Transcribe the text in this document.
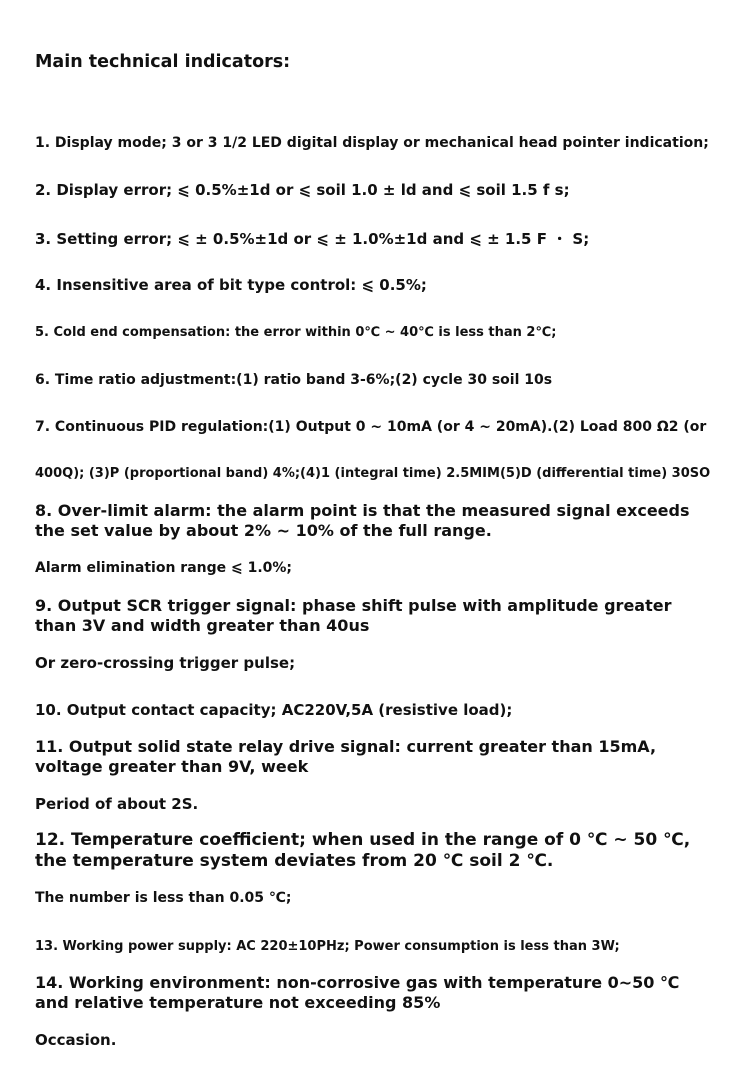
Main technical indicators:

1. Display mode; 3 or 3 1/2 LED digital display or mechanical head pointer indication;

2. Display error; ⩽ 0.5%±1d or ⩽ soil 1.0 ± ld and ⩽ soil 1.5 f s;

3. Setting error; ⩽ ± 0.5%±1d or ⩽ ± 1.0%±1d and ⩽ ± 1.5 F ・ S;

4. Insensitive area of bit type control: ⩽ 0.5%;

5. Cold end compensation: the error within 0℃ ~ 40℃ is less than 2℃;

6. Time ratio adjustment:(1) ratio band 3-6%;(2) cycle 30 soil 10s

7. Continuous PID regulation:(1) Output 0 ~ 10mA (or 4 ~ 20mA).(2) Load 800 Ω2 (or

400Q); (3)P (proportional band) 4%;(4)1 (integral time) 2.5MIM(5)D (differential time) 30SO

8. Over-limit alarm: the alarm point is that the measured signal exceeds the set value by about 2% ~ 10% of the full range.

Alarm elimination range ⩽ 1.0%;

9. Output SCR trigger signal: phase shift pulse with amplitude greater than 3V and width greater than 40us

Or zero-crossing trigger pulse;

10. Output contact capacity; AC220V,5A (resistive load);

11. Output solid state relay drive signal: current greater than 15mA, voltage greater than 9V, week

Period of about 2S.

12. Temperature coefficient; when used in the range of 0 ℃ ~ 50 ℃, the temperature system deviates from 20 ℃ soil 2 ℃.

The number is less than 0.05 ℃;

13. Working power supply: AC 220±10PHz; Power consumption is less than 3W;

14. Working environment: non-corrosive gas with temperature 0~50 ℃ and relative temperature not exceeding 85%

Occasion.
